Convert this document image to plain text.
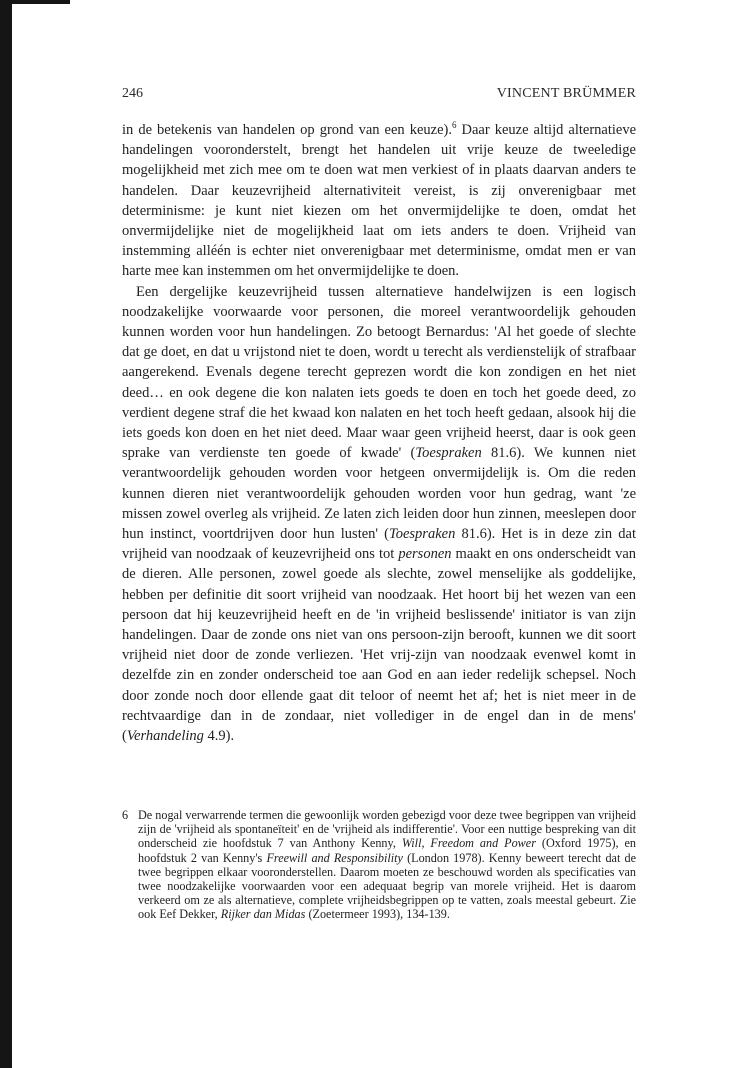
246	VINCENT BRÜMMER

in de betekenis van handelen op grond van een keuze).$^6$ Daar keuze altijd alternatieve handelingen vooronderstelt, brengt het handelen uit vrije keuze de tweeledige mogelijkheid met zich mee om te doen wat men verkiest of in plaats daarvan anders te handelen. Daar keuzevrijheid alternativiteit vereist, is zij onverenigbaar met determinisme: je kunt niet kiezen om het onvermijdelijke te doen, omdat het onvermijdelijke niet de mogelijkheid laat om iets anders te doen. Vrijheid van instemming alléén is echter niet onverenigbaar met determinisme, omdat men er van harte mee kan instemmen om het onvermijdelijke te doen.

Een dergelijke keuzevrijheid tussen alternatieve handelwijzen is een logisch noodzakelijke voorwaarde voor personen, die moreel verantwoordelijk gehouden kunnen worden voor hun handelingen. Zo betoogt Bernardus: 'Al het goede of slechte dat ge doet, en dat u vrijstond niet te doen, wordt u terecht als verdienstelijk of strafbaar aangerekend. Evenals degene terecht geprezen wordt die kon zondigen en het niet deed… en ook degene die kon nalaten iets goeds te doen en toch het goede deed, zo verdient degene straf die het kwaad kon nalaten en het toch heeft gedaan, alsook hij die iets goeds kon doen en het niet deed. Maar waar geen vrijheid heerst, daar is ook geen sprake van verdienste ten goede of kwade' (Toespraken 81.6). We kunnen niet verantwoordelijk gehouden worden voor hetgeen onvermijdelijk is. Om die reden kunnen dieren niet verantwoordelijk gehouden worden voor hun gedrag, want 'ze missen zowel overleg als vrijheid. Ze laten zich leiden door hun zinnen, meeslepen door hun instinct, voortdrijven door hun lusten' (Toespraken 81.6). Het is in deze zin dat vrijheid van noodzaak of keuzevrijheid ons tot personen maakt en ons onderscheidt van de dieren. Alle personen, zowel goede als slechte, zowel menselijke als goddelijke, hebben per definitie dit soort vrijheid van noodzaak. Het hoort bij het wezen van een persoon dat hij keuzevrijheid heeft en de 'in vrijheid beslissende' initiator is van zijn handelingen. Daar de zonde ons niet van ons persoon-zijn berooft, kunnen we dit soort vrijheid niet door de zonde verliezen. 'Het vrij-zijn van noodzaak evenwel komt in dezelfde zin en zonder onderscheid toe aan God en aan ieder redelijk schepsel. Noch door zonde noch door ellende gaat dit teloor of neemt het af; het is niet meer in de rechtvaardige dan in de zondaar, niet vollediger in de engel dan in de mens' (Verhandeling 4.9).

6 De nogal verwarrende termen die gewoonlijk worden gebezigd voor deze twee begrippen van vrijheid zijn de 'vrijheid als spontaneïteit' en de 'vrijheid als indifferentie'. Voor een nuttige bespreking van dit onderscheid zie hoofdstuk 7 van Anthony Kenny, Will, Freedom and Power (Oxford 1975), en hoofdstuk 2 van Kenny's Freewill and Responsibility (London 1978). Kenny beweert terecht dat de twee begrippen elkaar vooronderstellen. Daarom moeten ze beschouwd worden als specificaties van twee noodzakelijke voorwaarden voor een adequaat begrip van morele vrijheid. Het is daarom verkeerd om ze als alternatieve, complete vrijheidsbegrippen op te vatten, zoals meestal gebeurt. Zie ook Eef Dekker, Rijker dan Midas (Zoetermeer 1993), 134-139.
